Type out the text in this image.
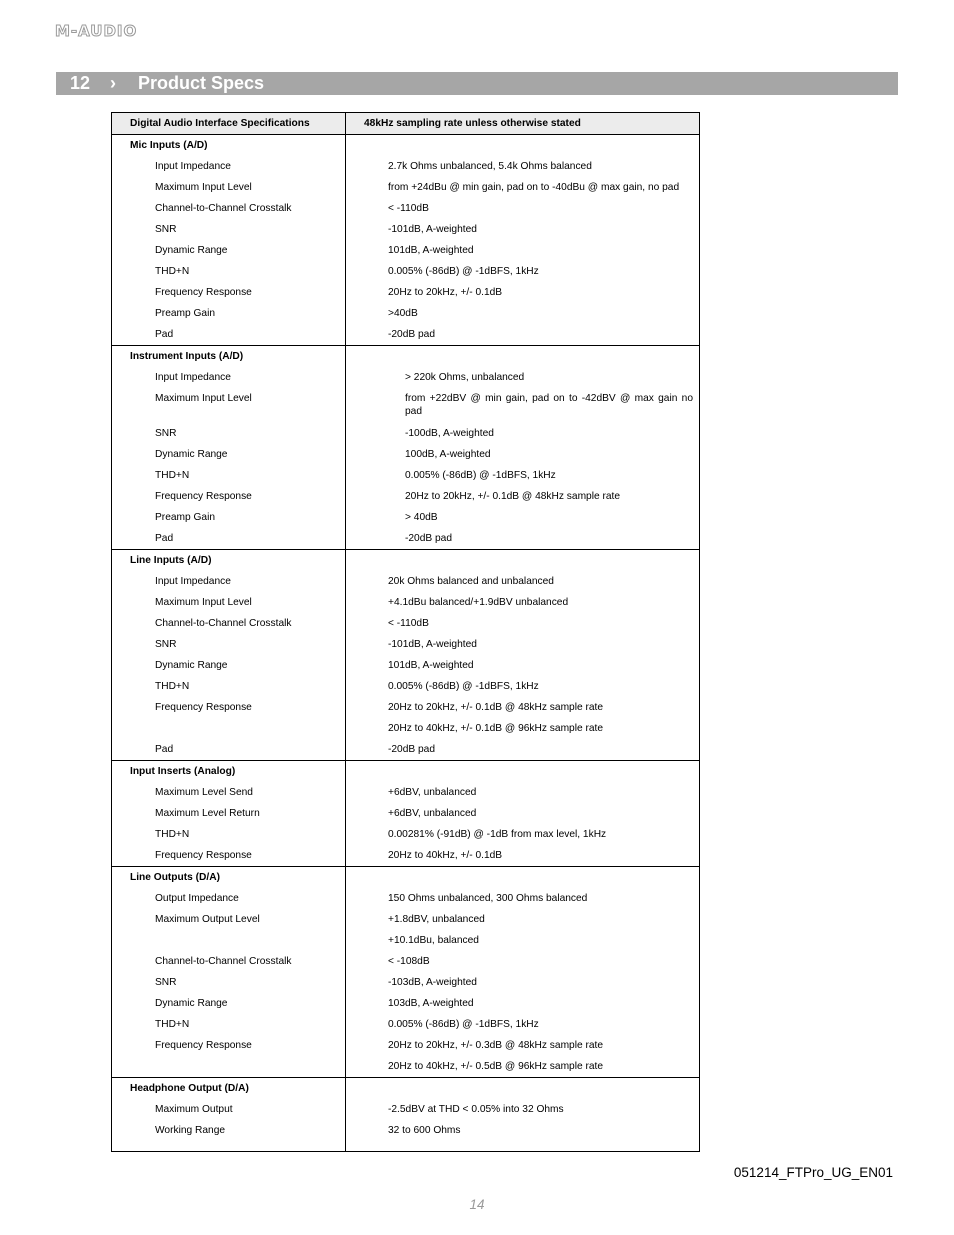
M-AUDIO
12	›	Product Specs
Digital Audio Interface Specifications	48kHz sampling rate unless otherwise stated
Mic Inputs (A/D)	
Input Impedance	2.7k Ohms unbalanced, 5.4k Ohms balanced
Maximum Input Level	from +24dBu @ min gain, pad on to -40dBu @ max gain, no pad
Channel-to-Channel Crosstalk	< -110dB
SNR	-101dB, A-weighted
Dynamic Range	101dB, A-weighted
THD+N	0.005% (-86dB) @ -1dBFS, 1kHz
Frequency Response	20Hz to 20kHz, +/- 0.1dB
Preamp Gain	>40dB
Pad	-20dB pad
Instrument Inputs (A/D)	
Input Impedance	> 220k Ohms, unbalanced
Maximum Input Level	from +22dBV @ min gain, pad on to -42dBV @ max gain no pad

SNR	-100dB, A-weighted
Dynamic Range	100dB, A-weighted
THD+N	0.005% (-86dB) @ -1dBFS, 1kHz
Frequency Response	20Hz to 20kHz, +/- 0.1dB @ 48kHz sample rate
Preamp Gain	> 40dB
Pad	-20dB pad
Line Inputs (A/D)	
Input Impedance	20k Ohms balanced and unbalanced
Maximum Input Level	+4.1dBu balanced/+1.9dBV unbalanced
Channel-to-Channel Crosstalk	< -110dB
SNR	-101dB, A-weighted
Dynamic Range	101dB, A-weighted
THD+N	0.005% (-86dB) @ -1dBFS, 1kHz
Frequency Response	20Hz to 20kHz, +/- 0.1dB @ 48kHz sample rate
	20Hz to 40kHz, +/- 0.1dB @ 96kHz sample rate
Pad	-20dB pad
Input Inserts (Analog)	
Maximum Level Send	+6dBV, unbalanced
Maximum Level Return	+6dBV, unbalanced
THD+N	0.00281% (-91dB) @ -1dB from max level, 1kHz
Frequency Response	20Hz to 40kHz, +/- 0.1dB
Line Outputs (D/A)	
Output Impedance	150 Ohms unbalanced, 300 Ohms balanced
Maximum Output Level	+1.8dBV, unbalanced
	+10.1dBu, balanced
Channel-to-Channel Crosstalk	< -108dB
SNR	-103dB, A-weighted
Dynamic Range	103dB, A-weighted
THD+N	0.005% (-86dB) @ -1dBFS, 1kHz
Frequency Response	20Hz to 20kHz, +/- 0.3dB @ 48kHz sample rate
	20Hz to 40kHz, +/- 0.5dB @ 96kHz sample rate
Headphone Output (D/A)	
Maximum Output	-2.5dBV at THD < 0.05% into 32 Ohms
Working Range	32 to 600 Ohms

051214_FTPro_UG_EN01
14
